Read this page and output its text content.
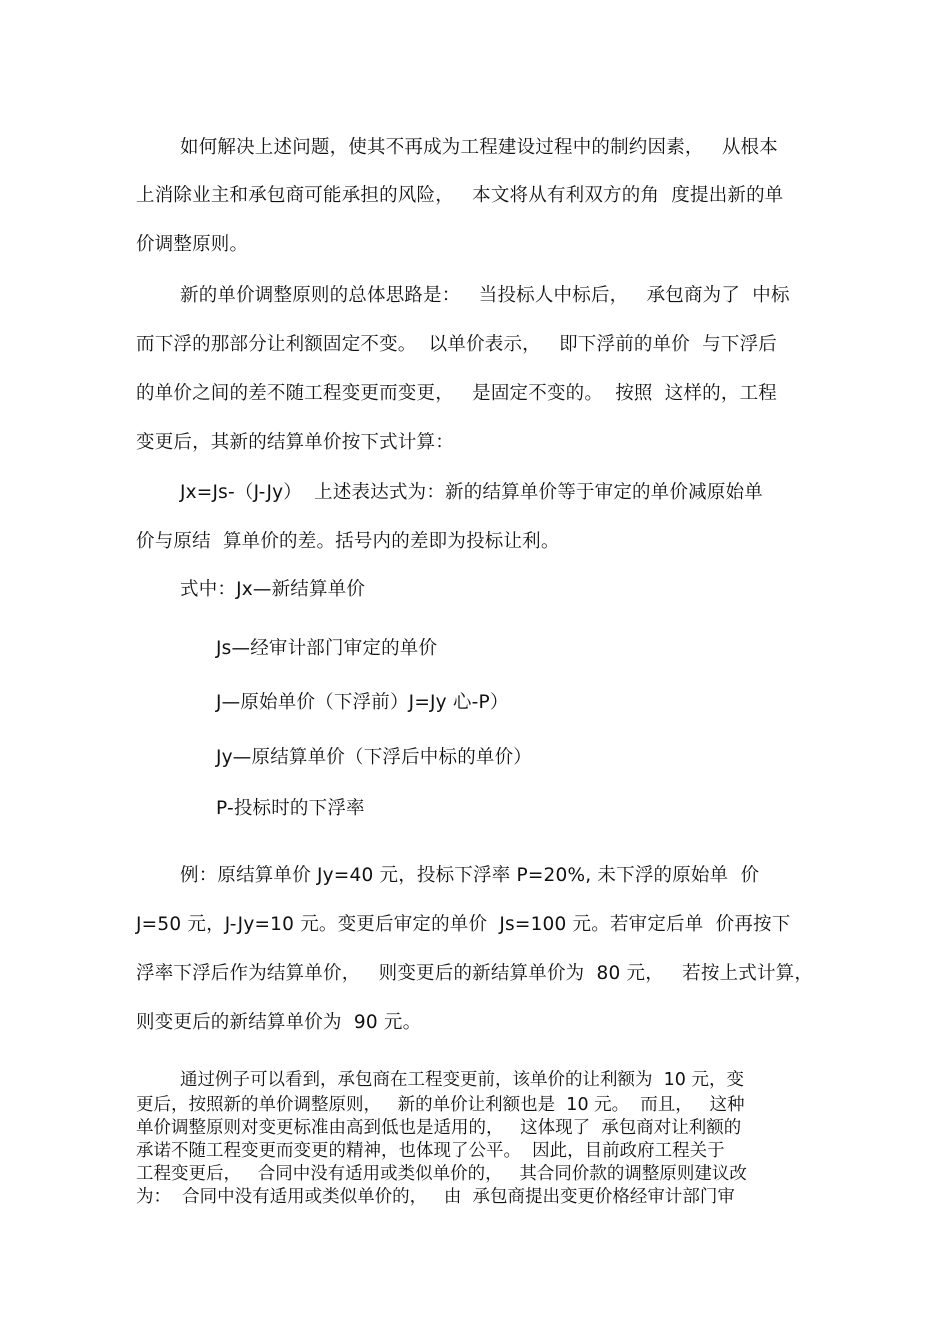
如何解决上述问题，使其不再成为工程建设过程中的制约因素，   从根本
上消除业主和承包商可能承担的风险，   本文将从有利双方的角  度提出新的单
价调整原则。
新的单价调整原则的总体思路是：   当投标人中标后，   承包商为了  中标
而下浮的那部分让利额固定不变。  以单价表示，   即下浮前的单价  与下浮后
的单价之间的差不随工程变更而变更，   是固定不变的。  按照  这样的，工程
变更后，其新的结算单价按下式计算：
Jx=Js-（J-Jy）  上述表达式为：新的结算单价等于审定的单价减原始单
价与原结  算单价的差。括号内的差即为投标让利。
式中：Jx—新结算单价
Js—经审计部门审定的单价
J—原始单价（下浮前）J=Jy 心-P）
Jy—原结算单价（下浮后中标的单价）
P-投标时的下浮率
例：原结算单价 Jy=40 元，投标下浮率 P=20%, 未下浮的原始单  价
J=50 元，J-Jy=10 元。变更后审定的单价  Js=100 元。若审定后单  价再按下
浮率下浮后作为结算单价，   则变更后的新结算单价为  80 元，   若按上式计算，
则变更后的新结算单价为  90 元。
通过例子可以看到，承包商在工程变更前，该单价的让利额为  10 元，变
更后，按照新的单价调整原则，   新的单价让利额也是  10 元。  而且，   这种
单价调整原则对变更标准由高到低也是适用的，   这体现了  承包商对让利额的
承诺不随工程变更而变更的精神，也体现了公平。  因此，目前政府工程关于
工程变更后，   合同中没有适用或类似单价的，   其合同价款的调整原则建议改
为：  合同中没有适用或类似单价的，   由  承包商提出变更价格经审计部门审
